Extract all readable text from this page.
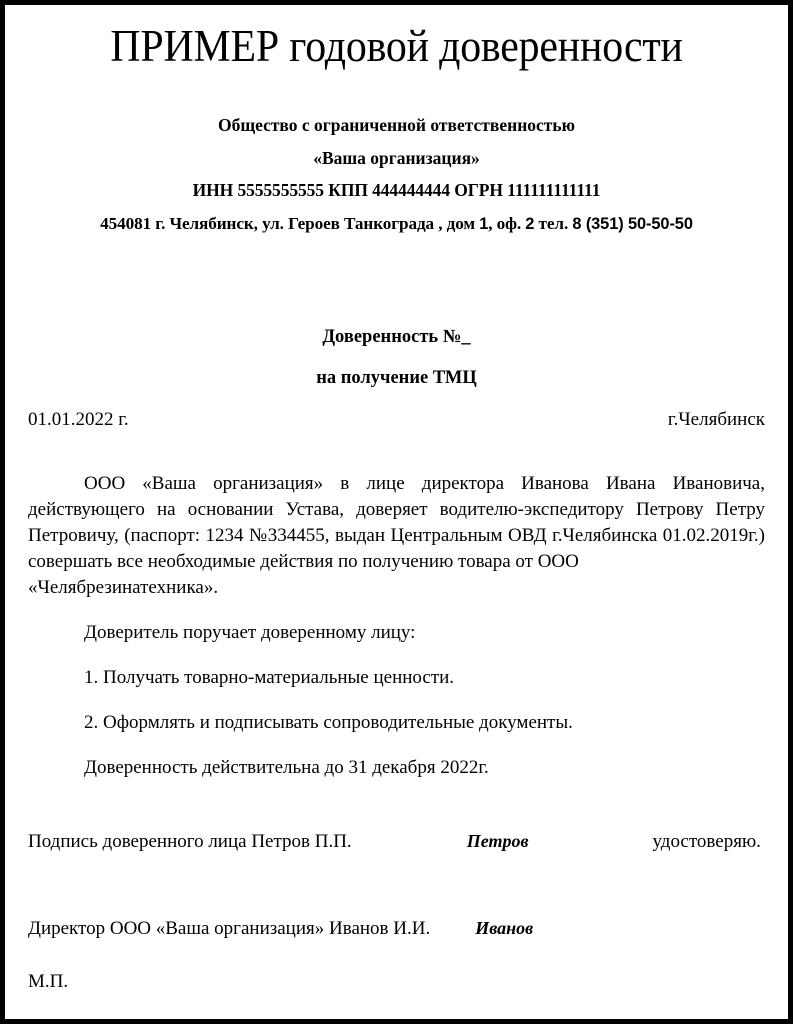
ПРИМЕР годовой доверенности
Общество с ограниченной ответственностью
«Ваша организация»
ИНН 5555555555 КПП 444444444 ОГРН 111111111111
454081 г. Челябинск, ул. Героев Танкограда , дом 1, оф. 2 тел. 8 (351) 50-50-50
Доверенность №_
на получение ТМЦ
01.01.2022 г.	г.Челябинск

ООО «Ваша организация» в лице директора Иванова Ивана Ивановича,
действующего на основании Устава, доверяет водителю-экспедитору Петрову Петру
Петровичу, (паспорт: 1234 №334455, выдан Центральным ОВД г.Челябинска 01.02.2019г.)
совершать все необходимые действия по получению товара от ООО «Челябрезинатехника».

Доверитель поручает доверенному лицу:
1. Получать товарно-материальные ценности.
2. Оформлять и подписывать сопроводительные документы.
Доверенность действительна до 31 декабря 2022г.
Подпись доверенного лица Петров П.П.	Петров	удостоверяю.
Директор ООО «Ваша организация» Иванов И.И.	Иванов
М.П.
